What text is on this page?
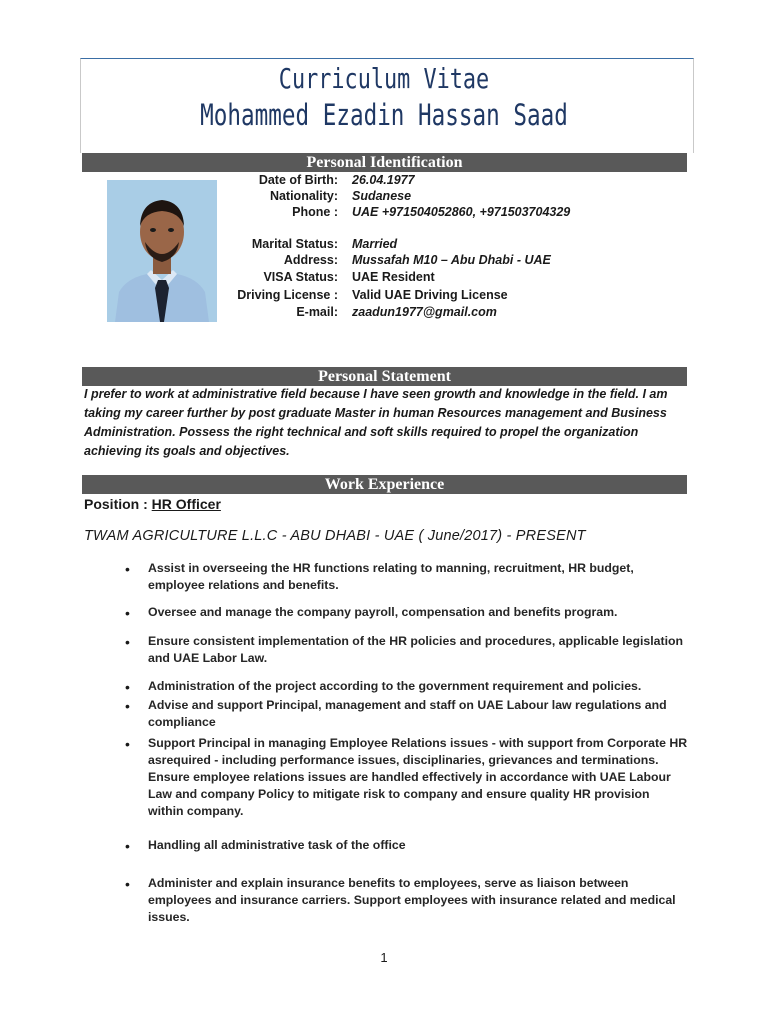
Curriculum Vitae
Mohammed Ezadin Hassan Saad
Personal Identification
Date of Birth: 26.04.1977
Nationality: Sudanese
Phone : UAE +971504052860, +971503704329
Marital Status: Married
Address: Mussafah M10 – Abu Dhabi - UAE
VISA Status: UAE Resident
Driving License : Valid UAE Driving License
E-mail: zaadun1977@gmail.com
Personal Statement
I prefer to work at administrative field because I have seen growth and knowledge in the field. I am taking my career further by post graduate Master in human Resources management and Business Administration. Possess the right technical and soft skills required to propel the organization achieving its goals and objectives.
Work Experience
Position : HR Officer
TWAM AGRICULTURE L.L.C - ABU DHABI - UAE ( June/2017) - PRESENT
• Assist in overseeing the HR functions relating to manning, recruitment, HR budget, employee relations and benefits.
• Oversee and manage the company payroll, compensation and benefits program.
• Ensure consistent implementation of the HR policies and procedures, applicable legislation and UAE Labor Law.
• Administration of the project according to the government requirement and policies.
• Advise and support Principal, management and staff on UAE Labour law regulations and compliance
• Support Principal in managing Employee Relations issues - with support from Corporate HR asrequired - including performance issues, disciplinaries, grievances and terminations. Ensure employee relations issues are handled effectively in accordance with UAE Labour Law and company Policy to mitigate risk to company and ensure quality HR provision within company.
• Handling all administrative task of the office
• Administer and explain insurance benefits to employees, serve as liaison between employees and insurance carriers. Support employees with insurance related and medical issues.
1
